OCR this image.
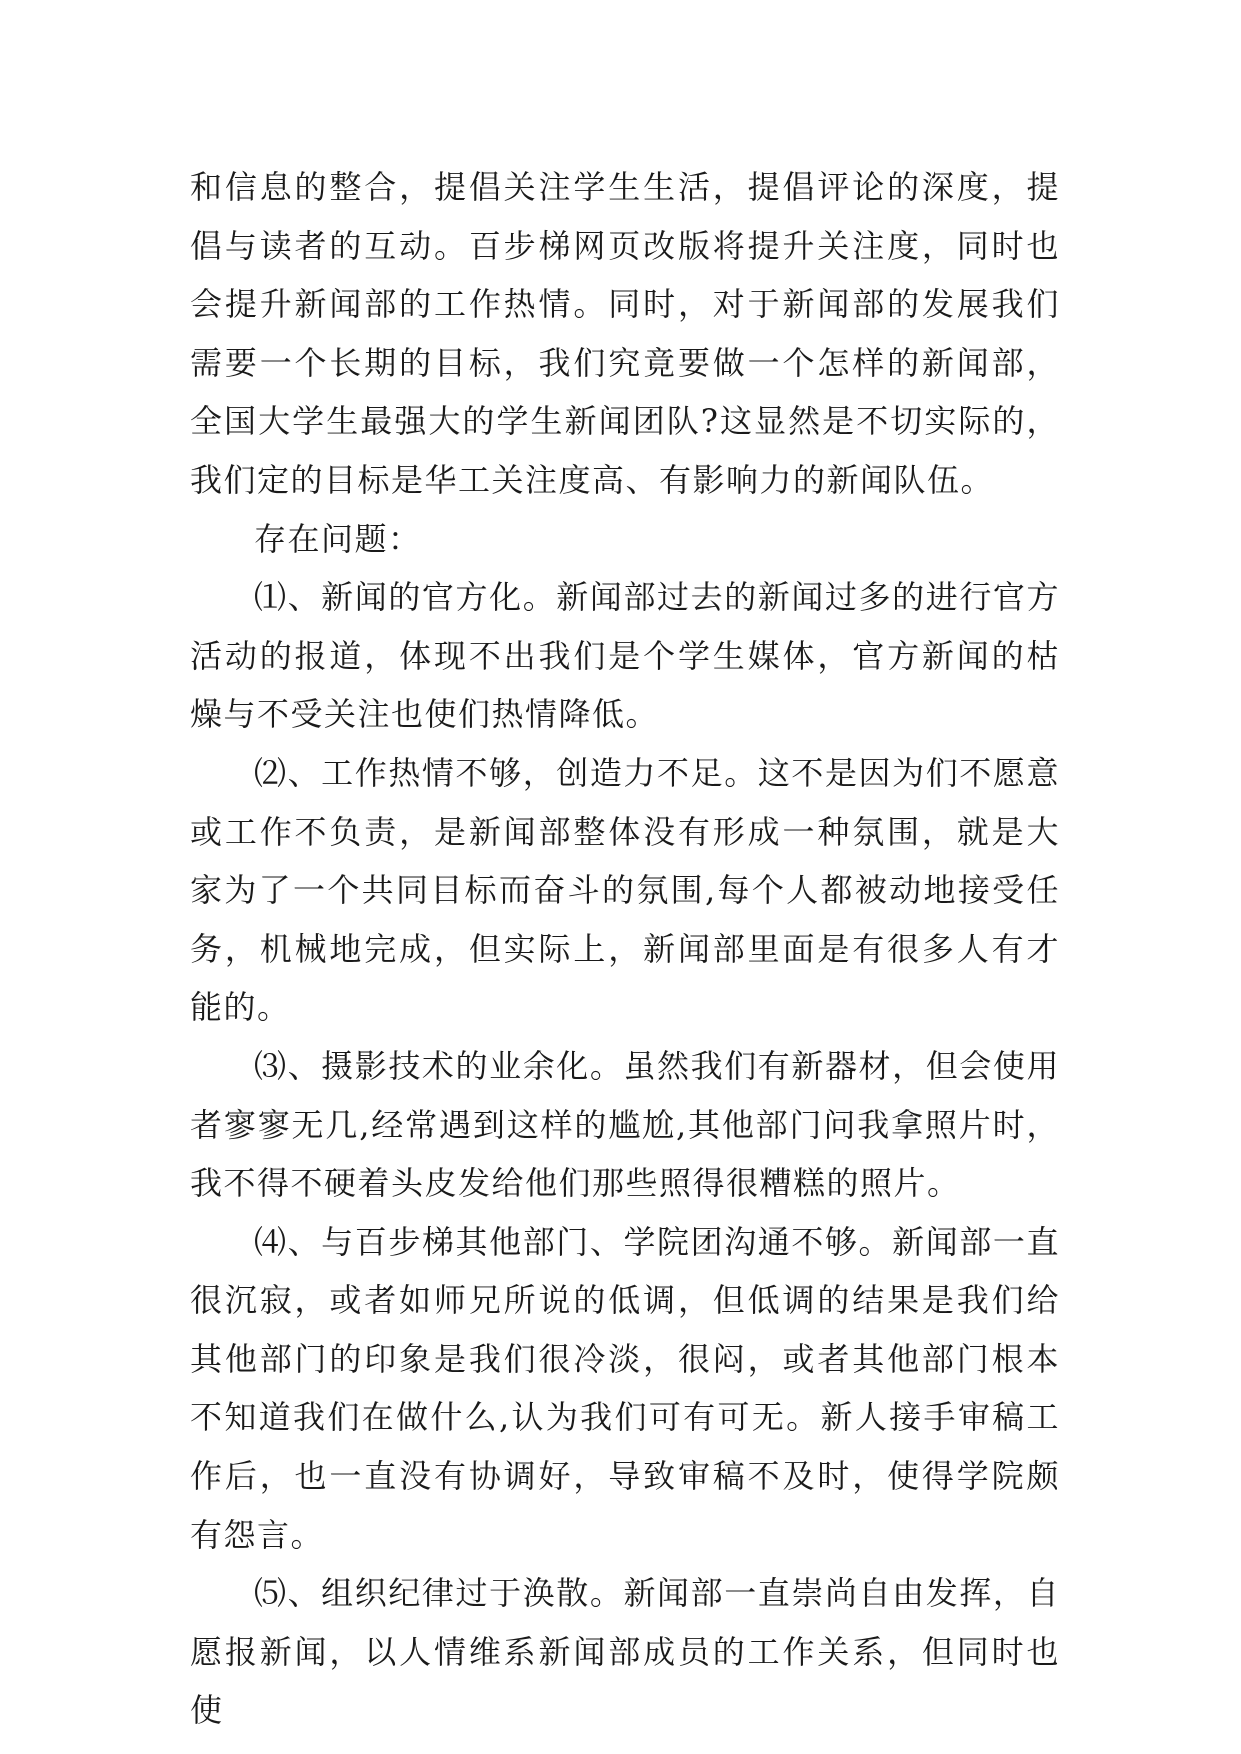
和信息的整合，提倡关注学生生活，提倡评论的深度，提倡与读者的互动。百步梯网页改版将提升关注度，同时也会提升新闻部的工作热情。同时，对于新闻部的发展我们需要一个长期的目标，我们究竟要做一个怎样的新闻部，全国大学生最强大的学生新闻团队?这显然是不切实际的，我们定的目标是华工关注度高、有影响力的新闻队伍。

存在问题：

⑴、新闻的官方化。新闻部过去的新闻过多的进行官方活动的报道，体现不出我们是个学生媒体，官方新闻的枯燥与不受关注也使们热情降低。

⑵、工作热情不够，创造力不足。这不是因为们不愿意或工作不负责，是新闻部整体没有形成一种氛围，就是大家为了一个共同目标而奋斗的氛围,每个人都被动地接受任务，机械地完成，但实际上，新闻部里面是有很多人有才能的。

⑶、摄影技术的业余化。虽然我们有新器材，但会使用者寥寥无几,经常遇到这样的尴尬,其他部门问我拿照片时，我不得不硬着头皮发给他们那些照得很糟糕的照片。

⑷、与百步梯其他部门、学院团沟通不够。新闻部一直很沉寂，或者如师兄所说的低调，但低调的结果是我们给其他部门的印象是我们很冷淡，很闷，或者其他部门根本不知道我们在做什么,认为我们可有可无。新人接手审稿工作后，也一直没有协调好，导致审稿不及时，使得学院颇有怨言。

⑸、组织纪律过于涣散。新闻部一直崇尚自由发挥，自愿报新闻，以人情维系新闻部成员的工作关系，但同时也使
